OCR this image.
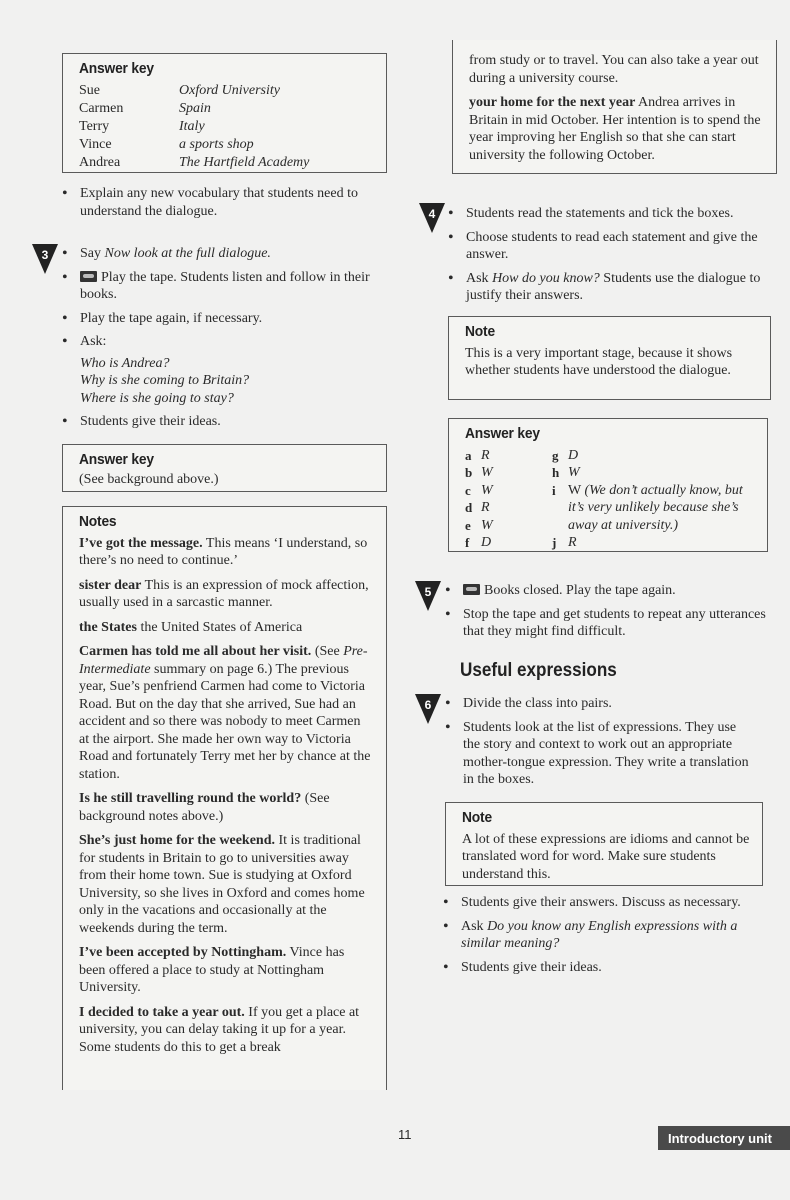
Answer key
Sue	Oxford University
Carmen	Spain
Terry	Italy
Vince	a sports shop
Andrea	The Hartfield Academy
• Explain any new vocabulary that students need to understand the dialogue.
3	• Say Now look at the full dialogue.
• Play the tape. Students listen and follow in their books.
• Play the tape again, if necessary.
• Ask:
Who is Andrea?
Why is she coming to Britain?
Where is she going to stay?
• Students give their ideas.
Answer key
(See background above.)
Notes

I’ve got the message. This means ‘I understand, so there’s no need to continue.’

sister dear This is an expression of mock affection, usually used in a sarcastic manner.

the States the United States of America

Carmen has told me all about her visit. (See Pre-Intermediate summary on page 6.) The previous year, Sue’s penfriend Carmen had come to Victoria Road. But on the day that she arrived, Sue had an accident and so there was nobody to meet Carmen at the airport. She made her own way to Victoria Road and fortunately Terry met her by chance at the station.

Is he still travelling round the world? (See background notes above.)

She’s just home for the weekend. It is traditional for students in Britain to go to universities away from their home town. Sue is studying at Oxford University, so she lives in Oxford and comes home only in the vacations and occasionally at the weekends during the term.

I’ve been accepted by Nottingham. Vince has been offered a place to study at Nottingham University.

I decided to take a year out. If you get a place at university, you can delay taking it up for a year. Some students do this to get a break

from study or to travel. You can also take a year out during a university course.

your home for the next year Andrea arrives in Britain in mid October. Her intention is to spend the year improving her English so that she can start university the following October.

4	• Students read the statements and tick the boxes.
• Choose students to read each statement and give the answer.
• Ask How do you know? Students use the dialogue to justify their answers.
Note
This is a very important stage, because it shows whether students have understood the dialogue.
Answer key
a R
b W
c W
d R
e W
f D
g D
h W
i W (We don’t actually know, but it’s very unlikely because she’s away at university.)
j R
5	• Books closed. Play the tape again.
• Stop the tape and get students to repeat any utterances that they might find difficult.
Useful expressions
6	• Divide the class into pairs.
• Students look at the list of expressions. They use the story and context to work out an appropriate mother-tongue expression. They write a translation in the boxes.
Note
A lot of these expressions are idioms and cannot be translated word for word. Make sure students understand this.
• Students give their answers. Discuss as necessary.
• Ask Do you know any English expressions with a similar meaning?
• Students give their ideas.
11	Introductory unit
